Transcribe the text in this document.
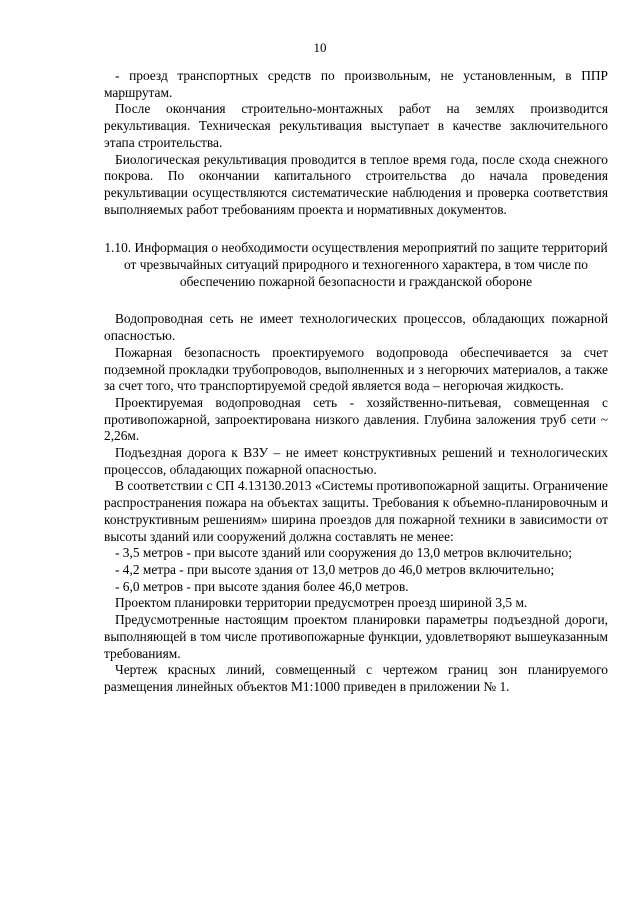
10

- проезд транспортных средств по произвольным, не установленным, в ППР маршрутам.

После окончания строительно-монтажных работ на землях производится рекультивация. Техническая рекультивация выступает в качестве заключительного этапа строительства.

Биологическая рекультивация проводится в теплое время года, после схода снежного покрова. По окончании капитального строительства до начала проведения рекультивации осуществляются систематические наблюдения и проверка соответствия выполняемых работ требованиям проекта и нормативных документов.

1.10. Информация о необходимости осуществления мероприятий по защите территорий от чрезвычайных ситуаций природного и техногенного характера, в том числе по обеспечению пожарной безопасности и гражданской обороне

Водопроводная сеть не имеет технологических процессов, обладающих пожарной опасностью.

Пожарная безопасность проектируемого водопровода обеспечивается за счет подземной прокладки трубопроводов, выполненных и з негорючих материалов, а также за счет того, что транспортируемой средой является вода – негорючая жидкость.

Проектируемая водопроводная сеть - хозяйственно-питьевая, совмещенная с противопожарной, запроектирована низкого давления. Глубина заложения труб сети ~ 2,26м.

Подъездная дорога к ВЗУ – не имеет конструктивных решений и технологических процессов, обладающих пожарной опасностью.

В соответствии с СП 4.13130.2013 «Системы противопожарной защиты. Ограничение распространения пожара на объектах защиты. Требования к объемно-планировочным и конструктивным решениям» ширина проездов для пожарной техники в зависимости от высоты зданий или сооружений должна составлять не менее:

- 3,5 метров - при высоте зданий или сооружения до 13,0 метров включительно;

- 4,2 метра - при высоте здания от 13,0 метров до 46,0 метров включительно;

- 6,0 метров - при высоте здания более 46,0 метров.

Проектом планировки территории предусмотрен проезд шириной 3,5 м.

Предусмотренные настоящим проектом планировки параметры подъездной дороги, выполняющей в том числе противопожарные функции, удовлетворяют вышеуказанным требованиям.

Чертеж красных линий, совмещенный с чертежом границ зон планируемого размещения линейных объектов М1:1000 приведен в приложении № 1.
